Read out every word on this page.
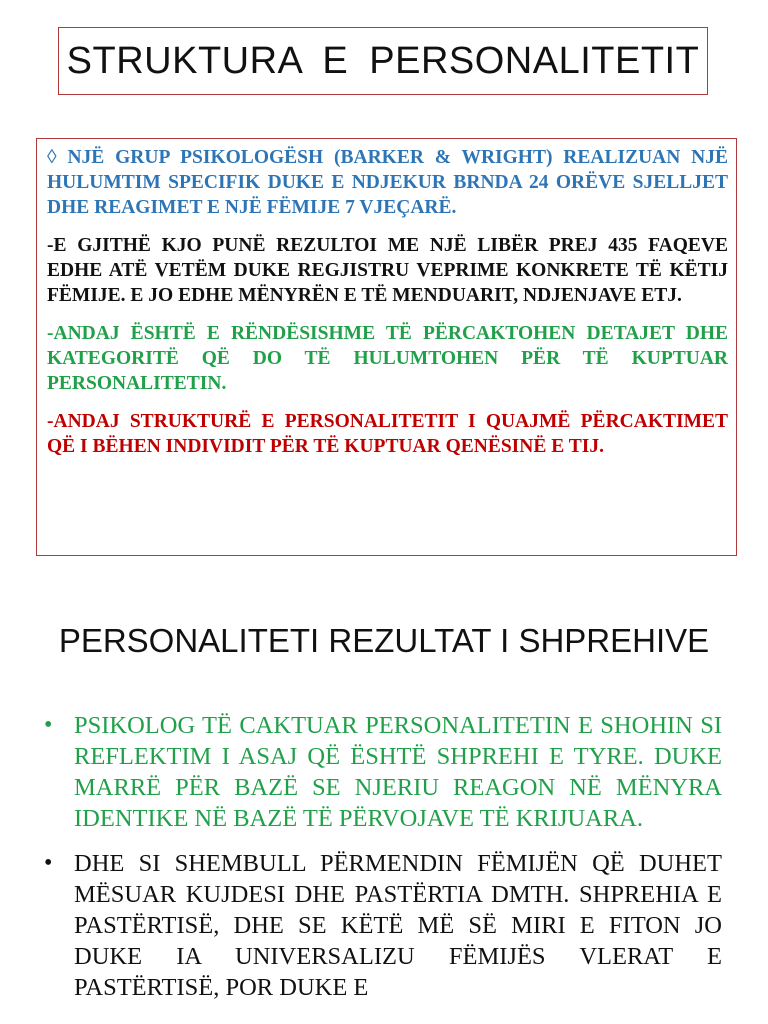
STRUKTURA E PERSONALITETIT

◊ NJË GRUP PSIKOLOGËSH (BARKER & WRIGHT) REALIZUAN NJË HULUMTIM SPECIFIK DUKE E NDJEKUR BRNDA 24 ORËVE SJELLJET DHE REAGIMET E NJË FËMIJE 7 VJEÇARË.

-E GJITHË KJO PUNË REZULTOI ME NJË LIBËR PREJ 435 FAQEVE EDHE ATË VETËM DUKE REGJISTRU VEPRIME KONKRETE TË KËTIJ FËMIJE. E JO EDHE MËNYRËN E TË MENDUARIT, NDJENJAVE ETJ.

-ANDAJ ËSHTË E RËNDËSISHME TË PËRCAKTOHEN DETAJET DHE KATEGORITË QË DO TË HULUMTOHEN PËR TË KUPTUAR PERSONALITETIN.

-ANDAJ STRUKTURË E PERSONALITETIT I QUAJMË PËRCAKTIMET QË I BËHEN INDIVIDIT PËR TË KUPTUAR QENËSINË E TIJ.

PERSONALITETI REZULTAT I SHPREHIVE
• PSIKOLOG TË CAKTUAR PERSONALITETIN E SHOHIN SI REFLEKTIM I ASAJ QË ËSHTË SHPREHI E TYRE. DUKE MARRË PËR BAZË SE NJERIU REAGON NË MËNYRA IDENTIKE NË BAZË TË PËRVOJAVE TË KRIJUARA.
• DHE SI SHEMBULL PËRMENDIN FËMIJËN QË DUHET MËSUAR KUJDESI DHE PASTËRTIA DMTH. SHPREHIA E PASTËRTISË, DHE SE KËTË MË SË MIRI E FITON JO DUKE IA UNIVERSALIZU FËMIJËS VLERAT E PASTËRTISË, POR DUKE E
